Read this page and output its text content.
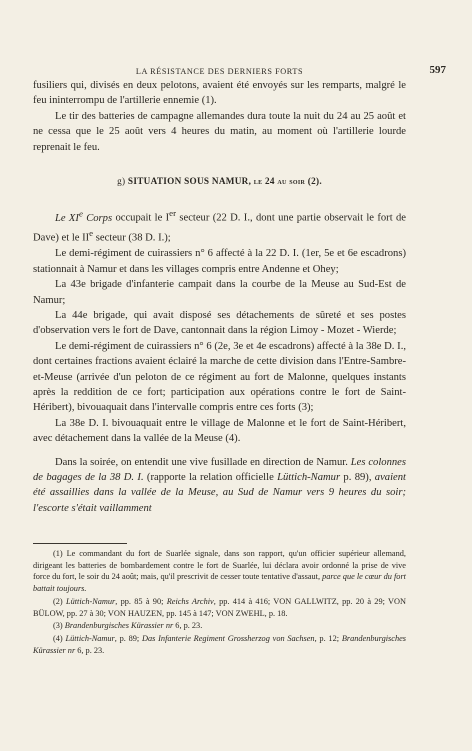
LA RÉSISTANCE DES DERNIERS FORTS	597

fusiliers qui, divisés en deux pelotons, avaient été envoyés sur les remparts, malgré le feu ininterrompu de l'artillerie ennemie (1).

Le tir des batteries de campagne allemandes dura toute la nuit du 24 au 25 août et ne cessa que le 25 août vers 4 heures du matin, au moment où l'artillerie lourde reprenait le feu.

g) SITUATION SOUS NAMUR, le 24 au soir (2).

Le XIe Corps occupait le Ier secteur (22 D. I., dont une partie observait le fort de Dave) et le IIe secteur (38 D. I.);

Le demi-régiment de cuirassiers n° 6 affecté à la 22 D. I. (1er, 5e et 6e escadrons) stationnait à Namur et dans les villages compris entre Andenne et Ohey;

La 43e brigade d'infanterie campait dans la courbe de la Meuse au Sud-Est de Namur;

La 44e brigade, qui avait disposé ses détachements de sûreté et ses postes d'observation vers le fort de Dave, cantonnait dans la région Limoy - Mozet - Wierde;

Le demi-régiment de cuirassiers n° 6 (2e, 3e et 4e escadrons) affecté à la 38e D. I., dont certaines fractions avaient éclairé la marche de cette division dans l'Entre-Sambre-et-Meuse (arrivée d'un peloton de ce régiment au fort de Malonne, quelques instants après la reddition de ce fort; participation aux opérations contre le fort de Saint-Héribert), bivouaquait dans l'intervalle compris entre ces forts (3);

La 38e D. I. bivouaquait entre le village de Malonne et le fort de Saint-Héribert, avec détachement dans la vallée de la Meuse (4).

Dans la soirée, on entendit une vive fusillade en direction de Namur. Les colonnes de bagages de la 38 D. I. (rapporte la relation officielle Lüttich-Namur p. 89), avaient été assaillies dans la vallée de la Meuse, au Sud de Namur vers 9 heures du soir; l'escorte s'était vaillamment

(1) Le commandant du fort de Suarlée signale, dans son rapport, qu'un officier supérieur allemand, dirigeant les batteries de bombardement contre le fort de Suarlée, lui déclara avoir ordonné la prise de vive force du fort, le soir du 24 août; mais, qu'il prescrivit de cesser toute tentative d'assaut, parce que le cœur du fort battait toujours.

(2) Lüttich-Namur, pp. 85 à 90; Reichs Archiv, pp. 414 à 416; VON GALLWITZ, pp. 20 à 29; VON BÜLOW, pp. 27 à 30; VON HAUZEN, pp. 145 à 147; VON ZWEHL, p. 18.

(3) Brandenburgisches Kürassier nr 6, p. 23.

(4) Lüttich-Namur, p. 89; Das Infanterie Regiment Grossherzog von Sachsen, p. 12; Brandenburgisches Kürassier nr 6, p. 23.
